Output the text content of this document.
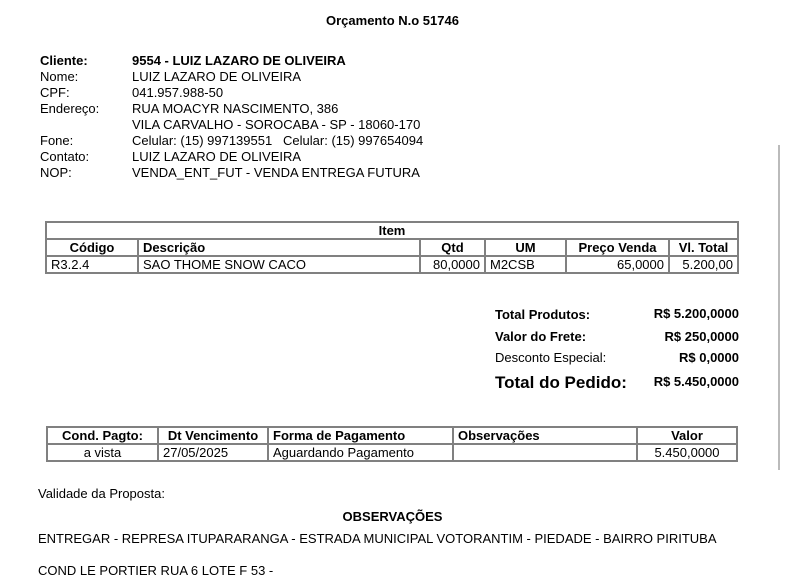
Orçamento N.o 51746
Cliente:	9554 - LUIZ LAZARO DE OLIVEIRA
Nome:	LUIZ LAZARO DE OLIVEIRA
CPF:	041.957.988-50
Endereço:	RUA MOACYR NASCIMENTO, 386
VILA CARVALHO - SOROCABA - SP - 18060-170
Fone:	Celular: (15) 997139551   Celular: (15) 997654094
Contato:	LUIZ LAZARO DE OLIVEIRA
NOP:	VENDA_ENT_FUT - VENDA ENTREGA FUTURA
Item					
Código	Descrição	Qtd	UM	Preço Venda	Vl. Total
R3.2.4	SAO THOME SNOW CACO	80,0000	M2CSB	65,0000	5.200,00
Total Produtos:	R$ 5.200,0000
Valor do Frete:	R$ 250,0000
Desconto Especial:	R$ 0,0000
Total do Pedido: R$ 5.450,0000
Cond. Pagto:	Dt Vencimento	Forma de Pagamento	Observações	Valor
a vista	27/05/2025	Aguardando Pagamento		5.450,0000
Validade da Proposta:
OBSERVAÇÕES
ENTREGAR - REPRESA ITUPARARANGA - ESTRADA MUNICIPAL VOTORANTIM - PIEDADE - BAIRRO PIRITUBA
COND LE PORTIER RUA 6 LOTE F 53 -
